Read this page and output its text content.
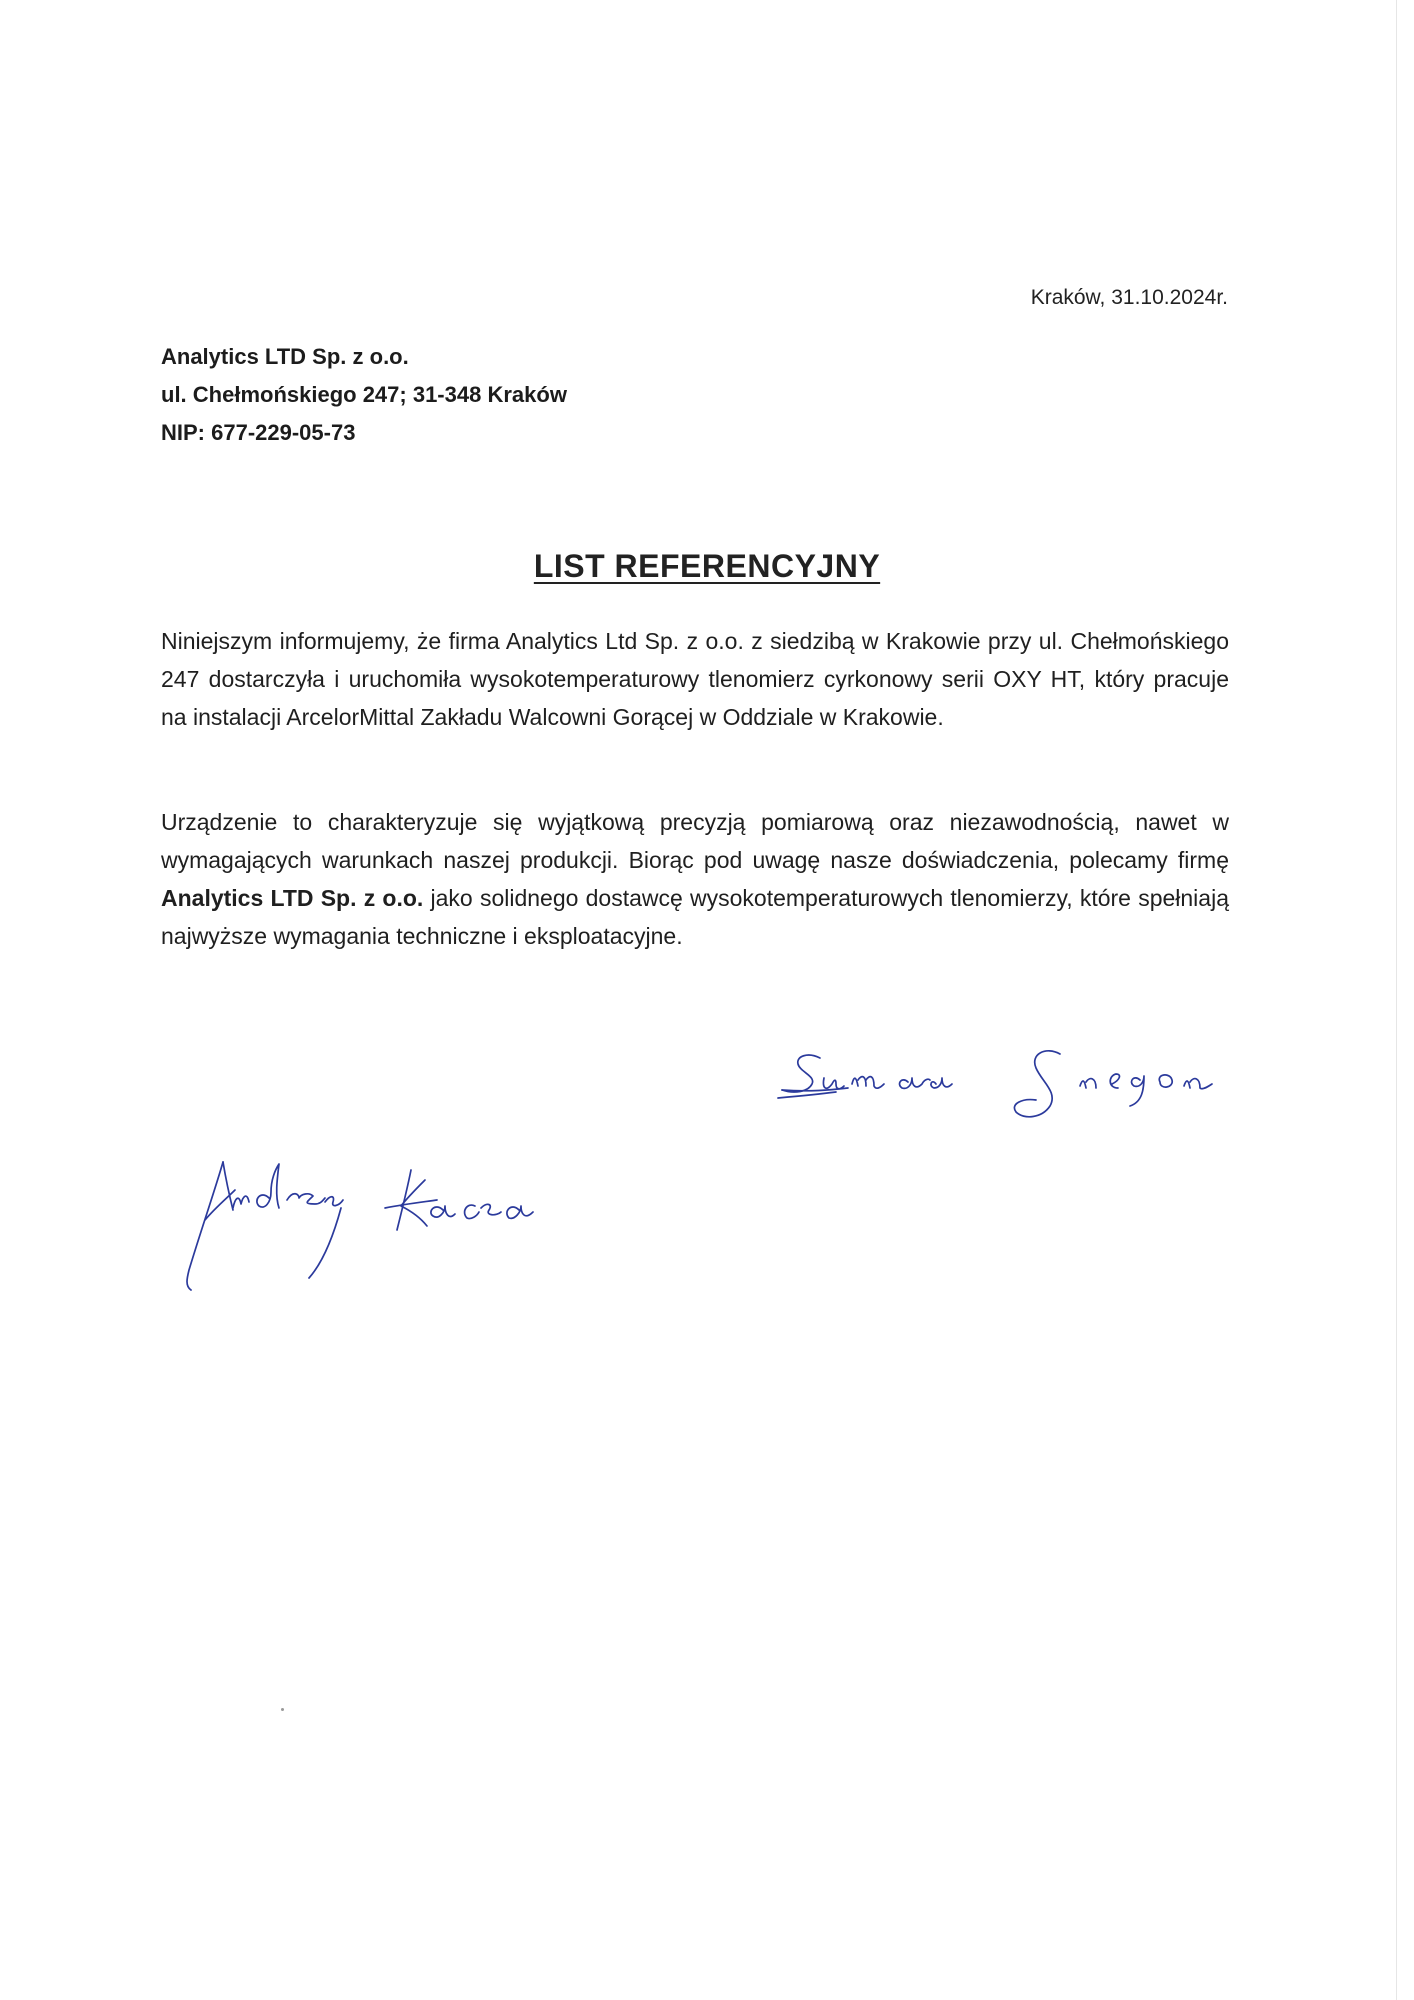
Kraków, 31.10.2024r.
Analytics LTD Sp. z o.o.
ul. Chełmońskiego 247; 31-348 Kraków
NIP: 677-229-05-73
LIST REFERENCYJNY
Niniejszym informujemy, że firma Analytics Ltd Sp. z o.o. z siedzibą w Krakowie przy ul. Chełmońskiego 247 dostarczyła i uruchomiła wysokotemperaturowy tlenomierz cyrkonowy serii OXY HT, który pracuje na instalacji ArcelorMittal Zakładu Walcowni Gorącej w Oddziale w Krakowie.
Urządzenie to charakteryzuje się wyjątkową precyzją pomiarową oraz niezawodnością, nawet w wymagających warunkach naszej produkcji. Biorąc pod uwagę nasze doświadczenia, polecamy firmę Analytics LTD Sp. z o.o. jako solidnego dostawcę wysokotemperaturowych tlenomierzy, które spełniają najwyższe wymagania techniczne i eksploatacyjne.
